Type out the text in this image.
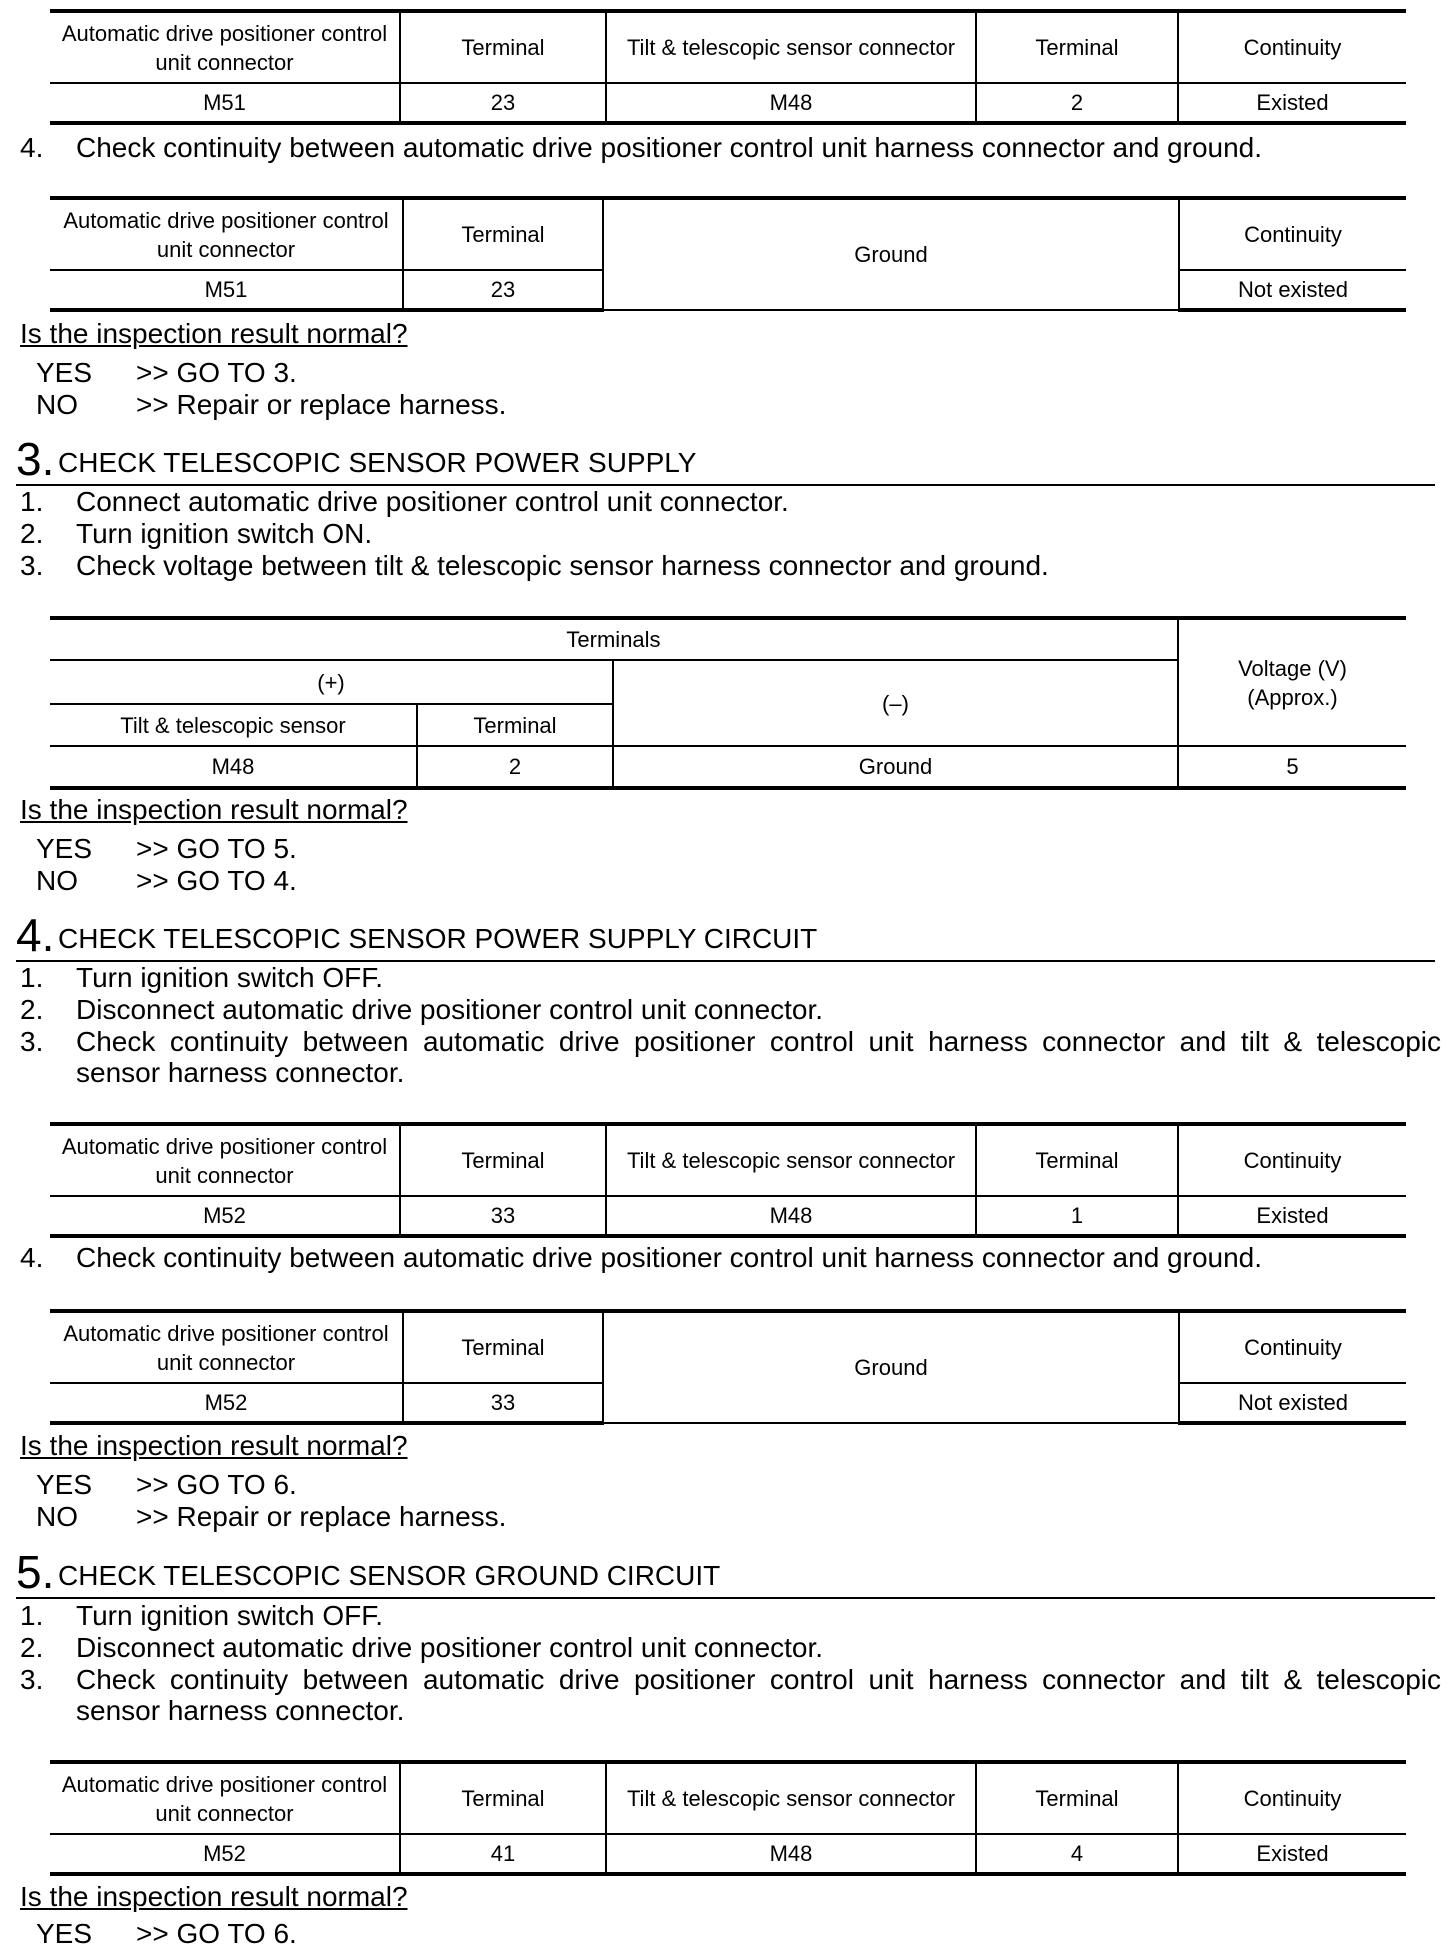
Automatic drive positioner control unit connector	Terminal	Tilt & telescopic sensor connector	Terminal	Continuity
M51	23	M48	2	Existed
4. Check continuity between automatic drive positioner control unit harness connector and ground.
Automatic drive positioner control unit connector	Terminal	Ground	Continuity
M51	23		Not existed
Is the inspection result normal?
YES >> GO TO 3.
NO >> Repair or replace harness.
3. CHECK TELESCOPIC SENSOR POWER SUPPLY
1. Connect automatic drive positioner control unit connector.
2. Turn ignition switch ON.
3. Check voltage between tilt & telescopic sensor harness connector and ground.
Terminals			Voltage (V)
(Approx.)
(+)		(–)	
Tilt & telescopic sensor	Terminal		
M48	2	Ground	5
Is the inspection result normal?
YES >> GO TO 5.
NO >> GO TO 4.
4. CHECK TELESCOPIC SENSOR POWER SUPPLY CIRCUIT
1. Turn ignition switch OFF.
2. Disconnect automatic drive positioner control unit connector.
3. Check continuity between automatic drive positioner control unit harness connector and tilt & telescopic sensor harness connector.
Automatic drive positioner control unit connector	Terminal	Tilt & telescopic sensor connector	Terminal	Continuity
M52	33	M48	1	Existed
4. Check continuity between automatic drive positioner control unit harness connector and ground.
Automatic drive positioner control unit connector	Terminal	Ground	Continuity
M52	33		Not existed
Is the inspection result normal?
YES >> GO TO 6.
NO >> Repair or replace harness.
5. CHECK TELESCOPIC SENSOR GROUND CIRCUIT
1. Turn ignition switch OFF.
2. Disconnect automatic drive positioner control unit connector.
3. Check continuity between automatic drive positioner control unit harness connector and tilt & telescopic sensor harness connector.
Automatic drive positioner control unit connector	Terminal	Tilt & telescopic sensor connector	Terminal	Continuity
M52	41	M48	4	Existed
Is the inspection result normal?
YES >> GO TO 6.
